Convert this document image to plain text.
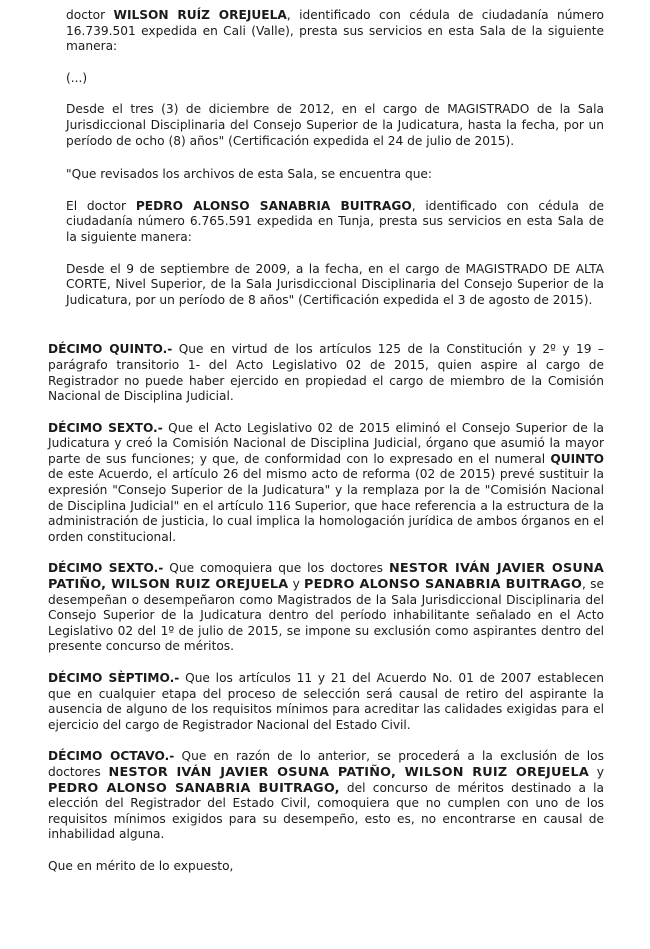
doctor WILSON RUÍZ OREJUELA, identificado con cédula de ciudadanía número 16.739.501 expedida en Cali (Valle), presta sus servicios en esta Sala de la siguiente manera:

(...)

Desde el tres (3) de diciembre de 2012, en el cargo de MAGISTRADO de la Sala Jurisdiccional Disciplinaria del Consejo Superior de la Judicatura, hasta la fecha, por un período de ocho (8) años" (Certificación expedida el 24 de julio de 2015).

"Que revisados los archivos de esta Sala, se encuentra que:

El doctor PEDRO ALONSO SANABRIA BUITRAGO, identificado con cédula de ciudadanía número 6.765.591 expedida en Tunja, presta sus servicios en esta Sala de la siguiente manera:

Desde el 9 de septiembre de 2009, a la fecha, en el cargo de MAGISTRADO DE ALTA CORTE, Nivel Superior, de la Sala Jurisdiccional Disciplinaria del Consejo Superior de la Judicatura, por un período de 8 años" (Certificación expedida el 3 de agosto de 2015).

DÉCIMO QUINTO.- Que en virtud de los artículos 125 de la Constitución y 2º y 19 – parágrafo transitorio 1- del Acto Legislativo 02 de 2015, quien aspire al cargo de Registrador no puede haber ejercido en propiedad el cargo de miembro de la Comisión Nacional de Disciplina Judicial.

DÉCIMO SEXTO.- Que el Acto Legislativo 02 de 2015 eliminó el Consejo Superior de la Judicatura y creó la Comisión Nacional de Disciplina Judicial, órgano que asumió la mayor parte de sus funciones; y que, de conformidad con lo expresado en el numeral QUINTO de este Acuerdo, el artículo 26 del mismo acto de reforma (02 de 2015) prevé sustituir la expresión "Consejo Superior de la Judicatura" y la remplaza por la de "Comisión Nacional de Disciplina Judicial" en el artículo 116 Superior, que hace referencia a la estructura de la administración de justicia, lo cual implica la homologación jurídica de ambos órganos en el orden constitucional.

DÉCIMO SEXTO.- Que comoquiera que los doctores NESTOR IVÁN JAVIER OSUNA PATIÑO, WILSON RUIZ OREJUELA y PEDRO ALONSO SANABRIA BUITRAGO, se desempeñan o desempeñaron como Magistrados de la Sala Jurisdiccional Disciplinaria del Consejo Superior de la Judicatura dentro del período inhabilitante señalado en el Acto Legislativo 02 del 1º de julio de 2015, se impone su exclusión como aspirantes dentro del presente concurso de méritos.

DÉCIMO SÈPTIMO.- Que los artículos 11 y 21 del Acuerdo No. 01 de 2007 establecen que en cualquier etapa del proceso de selección será causal de retiro del aspirante la ausencia de alguno de los requisitos mínimos para acreditar las calidades exigidas para el ejercicio del cargo de Registrador Nacional del Estado Civil.

DÉCIMO OCTAVO.- Que en razón de lo anterior, se procederá a la exclusión de los doctores NESTOR IVÁN JAVIER OSUNA PATIÑO, WILSON RUIZ OREJUELA y PEDRO ALONSO SANABRIA BUITRAGO, del concurso de méritos destinado a la elección del Registrador del Estado Civil, comoquiera que no cumplen con uno de los requisitos mínimos exigidos para su desempeño, esto es, no encontrarse en causal de inhabilidad alguna.

Que en mérito de lo expuesto,
